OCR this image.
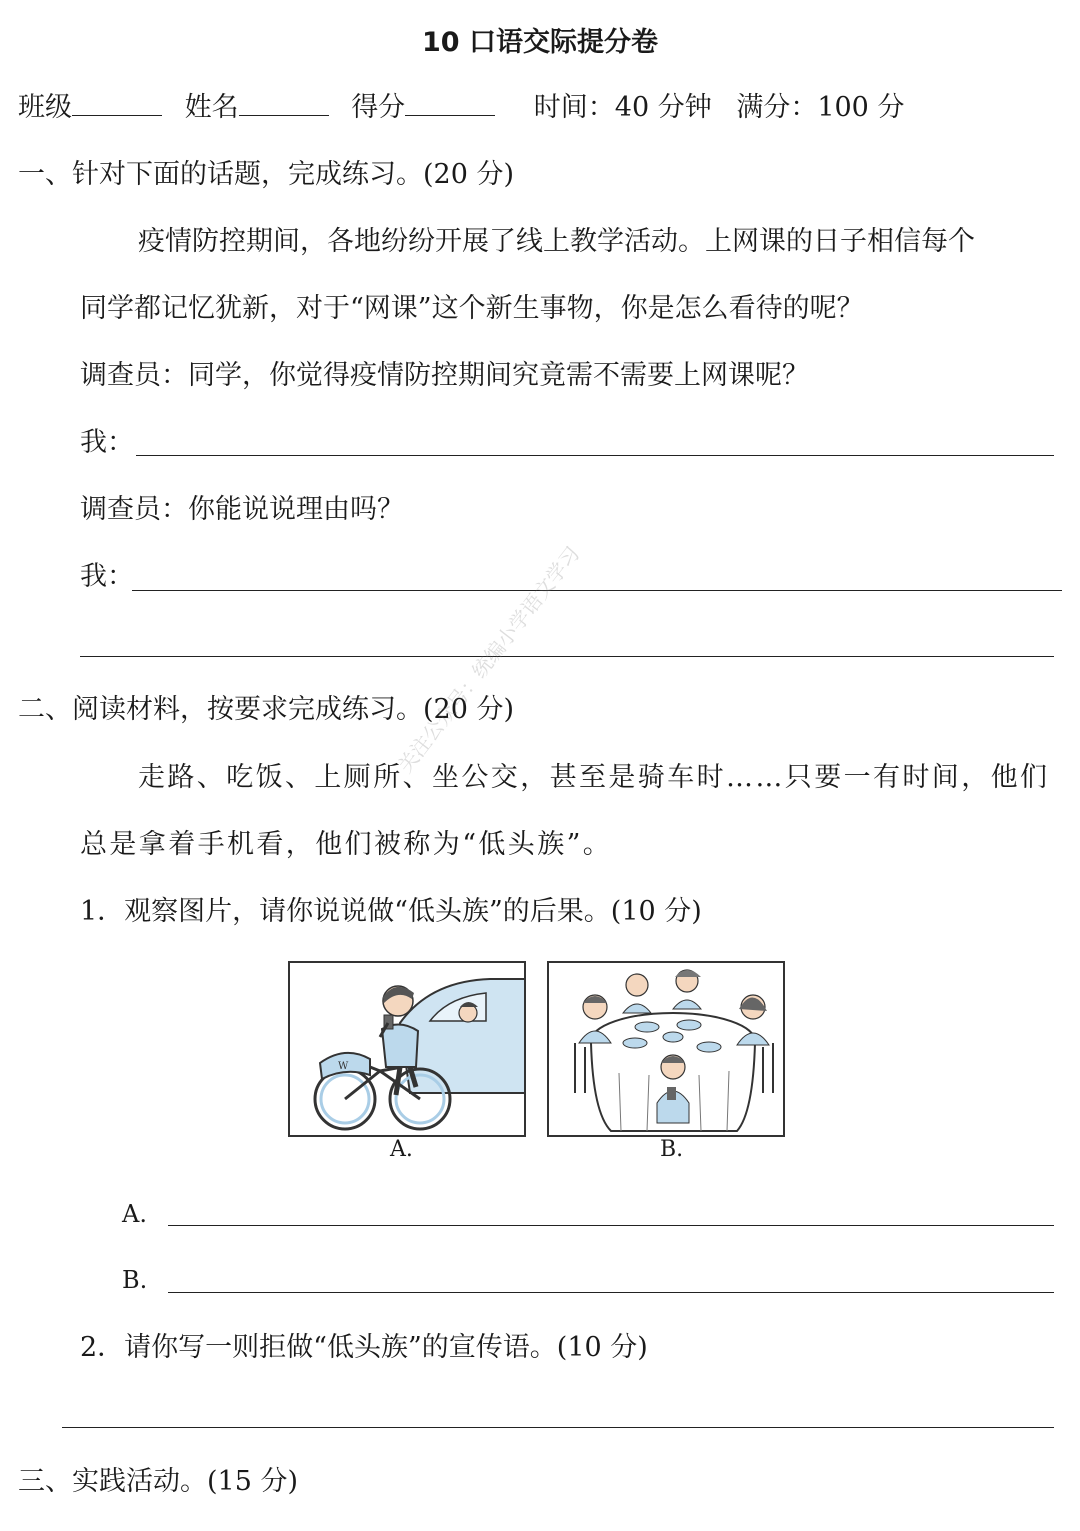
10 口语交际提分卷
班级	姓名	得分	时间：40 分钟 满分：100 分
一、针对下面的话题，完成练习。(20 分)
疫情防控期间，各地纷纷开展了线上教学活动。上网课的日子相信每个
同学都记忆犹新，对于“网课”这个新生事物，你是怎么看待的呢？
调查员：同学，你觉得疫情防控期间究竟需不需要上网课呢？
我：
调查员：你能说说理由吗？
我：
二、阅读材料，按要求完成练习。(20 分)
走路、吃饭、上厕所、坐公交，甚至是骑车时……只要一有时间，他们
总是拿着手机看，他们被称为“低头族”。
1．观察图片，请你说说做“低头族”的后果。(10 分)
W
A.	B.
A.
B.
2．请你写一则拒做“低头族”的宣传语。(10 分)
三、实践活动。(15 分)
关注公众号：统编小学语文学习
